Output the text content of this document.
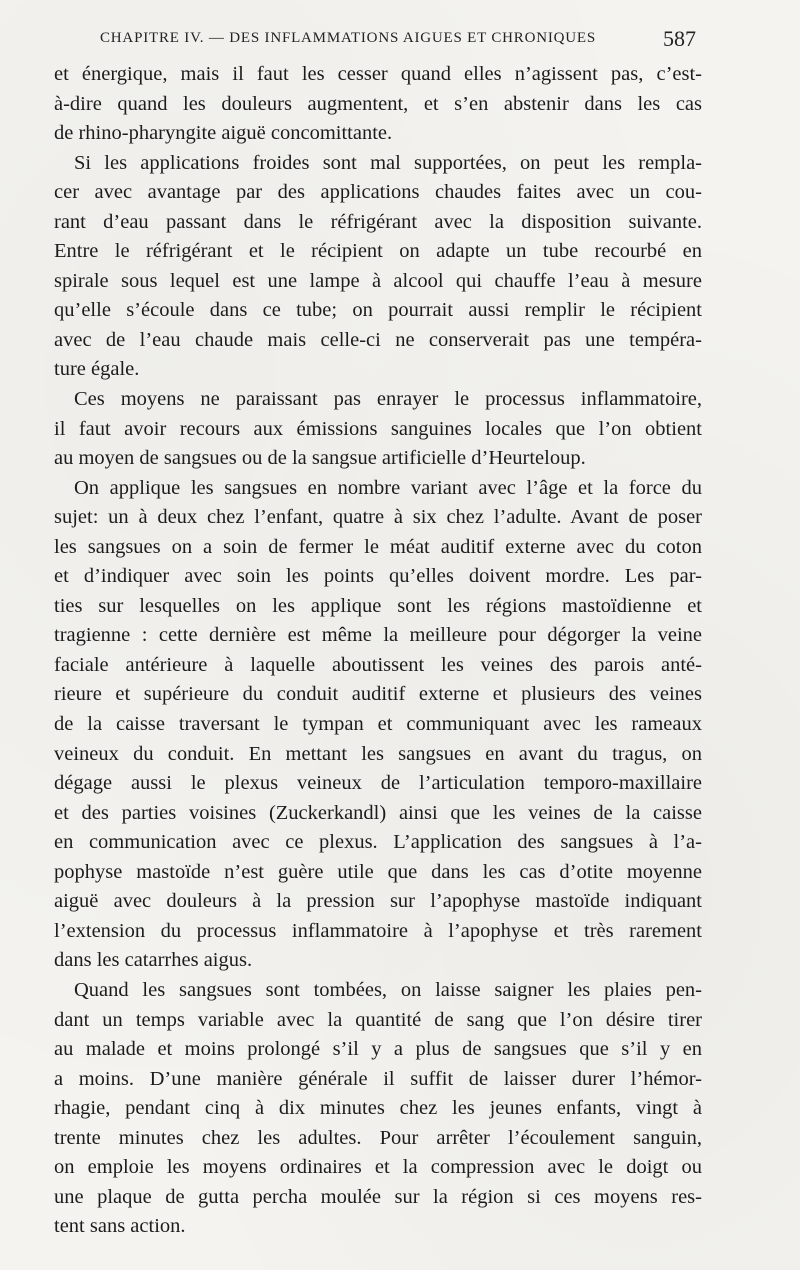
CHAPITRE IV. — DES INFLAMMATIONS AIGUES ET CHRONIQUES	587
et énergique, mais il faut les cesser quand elles n’agissent pas, c’est-
à-dire quand les douleurs augmentent, et s’en abstenir dans les cas
de rhino-pharyngite aiguë concomittante.
Si les applications froides sont mal supportées, on peut les rempla-
cer avec avantage par des applications chaudes faites avec un cou-
rant d’eau passant dans le réfrigérant avec la disposition suivante.
Entre le réfrigérant et le récipient on adapte un tube recourbé en
spirale sous lequel est une lampe à alcool qui chauffe l’eau à mesure
qu’elle s’écoule dans ce tube; on pourrait aussi remplir le récipient
avec de l’eau chaude mais celle-ci ne conserverait pas une tempéra-
ture égale.
Ces moyens ne paraissant pas enrayer le processus inflammatoire,
il faut avoir recours aux émissions sanguines locales que l’on obtient
au moyen de sangsues ou de la sangsue artificielle d’Heurteloup.
On applique les sangsues en nombre variant avec l’âge et la force du
sujet: un à deux chez l’enfant, quatre à six chez l’adulte. Avant de poser
les sangsues on a soin de fermer le méat auditif externe avec du coton
et d’indiquer avec soin les points qu’elles doivent mordre. Les par-
ties sur lesquelles on les applique sont les régions mastoïdienne et
tragienne : cette dernière est même la meilleure pour dégorger la veine
faciale antérieure à laquelle aboutissent les veines des parois anté-
rieure et supérieure du conduit auditif externe et plusieurs des veines
de la caisse traversant le tympan et communiquant avec les rameaux
veineux du conduit. En mettant les sangsues en avant du tragus, on
dégage aussi le plexus veineux de l’articulation temporo-maxillaire
et des parties voisines (Zuckerkandl) ainsi que les veines de la caisse
en communication avec ce plexus. L’application des sangsues à l’a-
pophyse mastoïde n’est guère utile que dans les cas d’otite moyenne
aiguë avec douleurs à la pression sur l’apophyse mastoïde indiquant
l’extension du processus inflammatoire à l’apophyse et très rarement
dans les catarrhes aigus.
Quand les sangsues sont tombées, on laisse saigner les plaies pen-
dant un temps variable avec la quantité de sang que l’on désire tirer
au malade et moins prolongé s’il y a plus de sangsues que s’il y en
a moins. D’une manière générale il suffit de laisser durer l’hémor-
rhagie, pendant cinq à dix minutes chez les jeunes enfants, vingt à
trente minutes chez les adultes. Pour arrêter l’écoulement sanguin,
on emploie les moyens ordinaires et la compression avec le doigt ou
une plaque de gutta percha moulée sur la région si ces moyens res-
tent sans action.
